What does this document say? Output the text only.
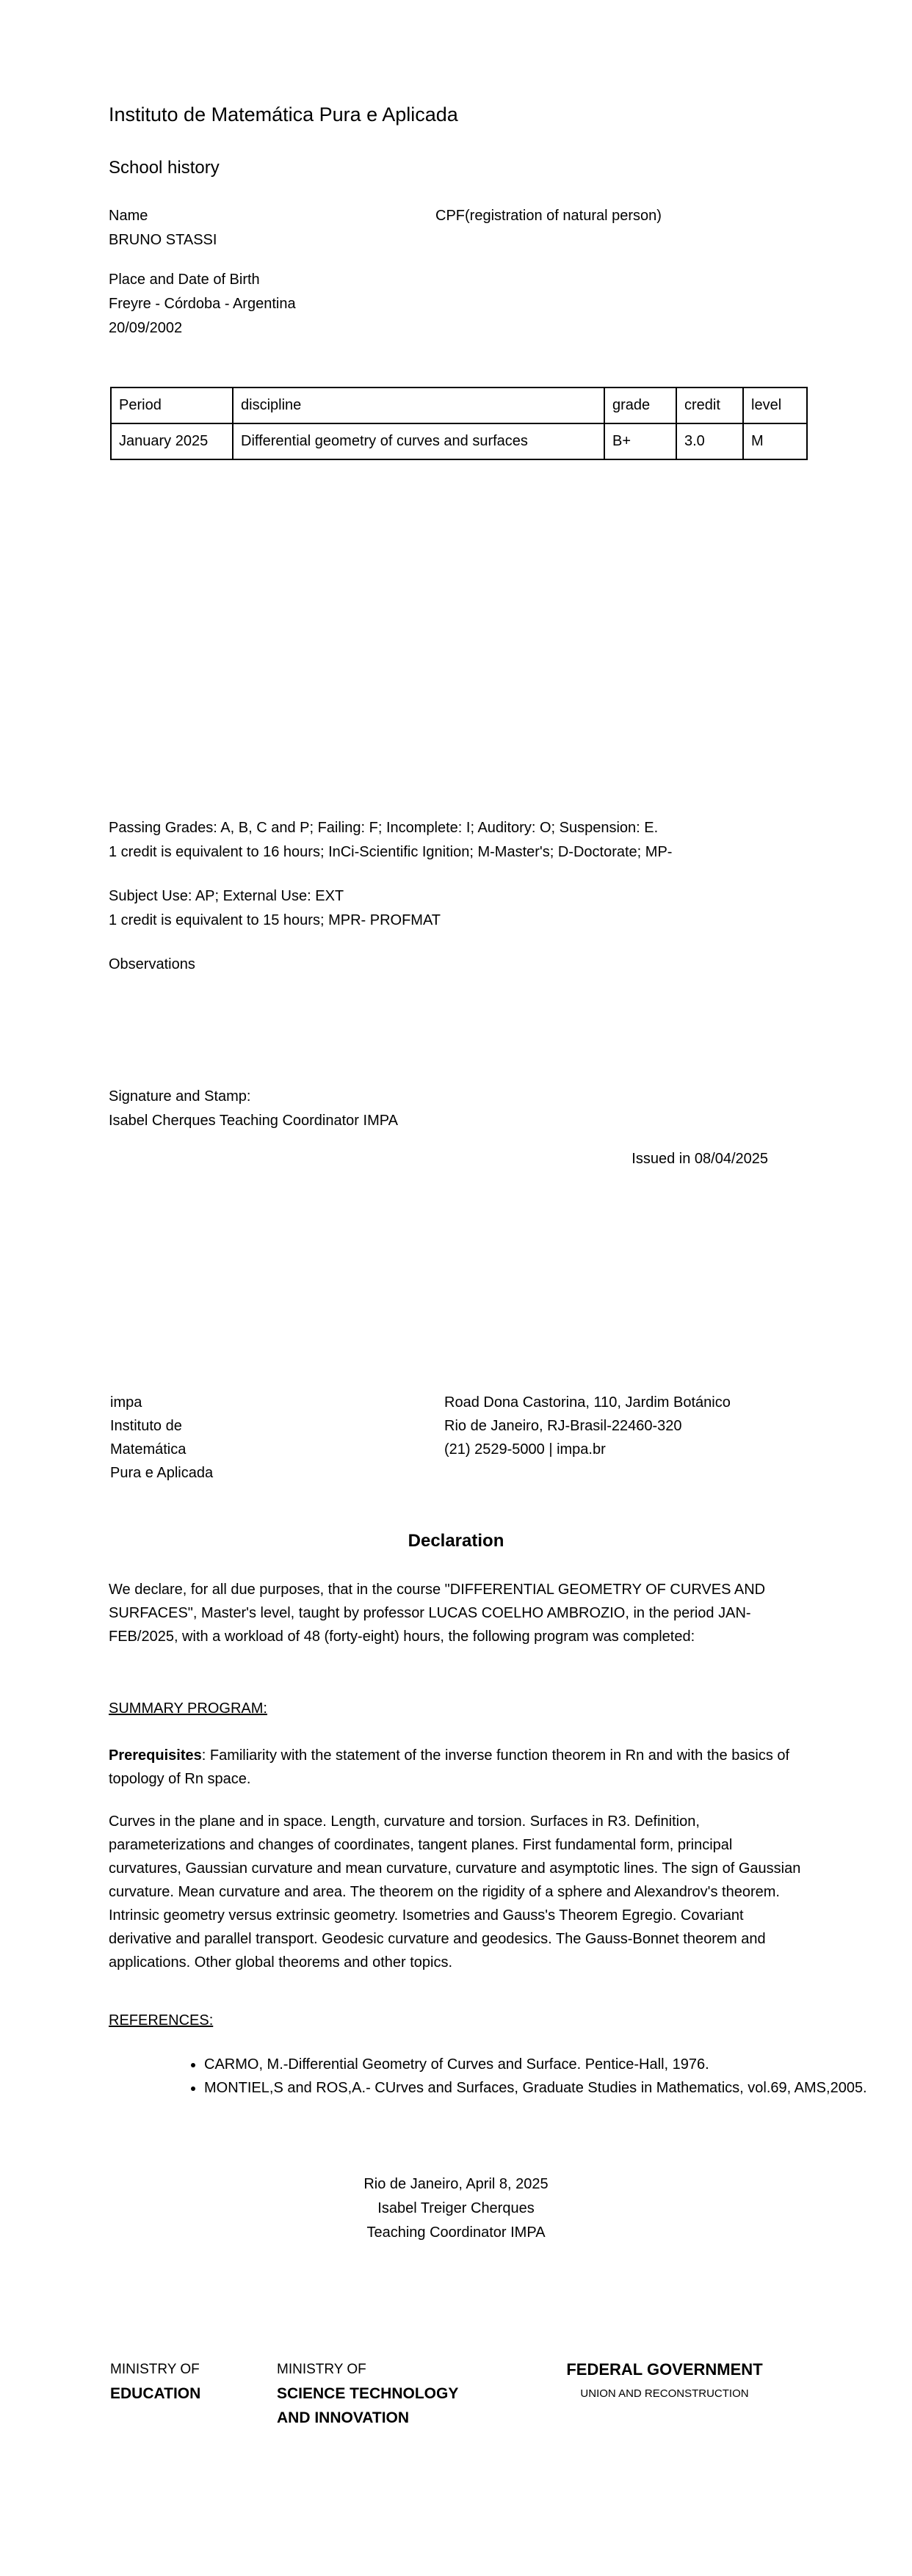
Instituto de Matemática Pura e Aplicada
School history
Name	CPF(registration of natural person)
BRUNO STASSI
Place and Date of Birth
Freyre - Córdoba - Argentina
20/09/2002
Period	discipline	grade	credit	level
January 2025	Differential geometry of curves and surfaces	B+	3.0	M
Passing Grades: A, B, C and P; Failing: F; Incomplete: I; Auditory: O; Suspension: E.
1 credit is equivalent to 16 hours; InCi-Scientific Ignition; M-Master's; D-Doctorate; MP-
Subject Use: AP; External Use: EXT
1 credit is equivalent to 15 hours; MPR- PROFMAT
Observations
Signature and Stamp:
Isabel Cherques Teaching Coordinator IMPA
Issued in 08/04/2025
impa
Instituto de
Matemática
Pura e Aplicada
Road Dona Castorina, 110, Jardim Botánico
Rio de Janeiro, RJ-Brasil-22460-320
(21) 2529-5000 | impa.br
Declaration
We declare, for all due purposes, that in the course "DIFFERENTIAL GEOMETRY OF CURVES AND SURFACES", Master's level, taught by professor LUCAS COELHO AMBROZIO, in the period JAN-FEB/2025, with a workload of 48 (forty-eight) hours, the following program was completed:
SUMMARY PROGRAM:
Prerequisites: Familiarity with the statement of the inverse function theorem in Rn and with the basics of topology of Rn space.
Curves in the plane and in space. Length, curvature and torsion. Surfaces in R3. Definition, parameterizations and changes of coordinates, tangent planes. First fundamental form, principal curvatures, Gaussian curvature and mean curvature, curvature and asymptotic lines. The sign of Gaussian curvature. Mean curvature and area. The theorem on the rigidity of a sphere and Alexandrov's theorem. Intrinsic geometry versus extrinsic geometry. Isometries and Gauss's Theorem Egregio. Covariant derivative and parallel transport. Geodesic curvature and geodesics. The Gauss-Bonnet theorem and applications. Other global theorems and other topics.
REFERENCES:
• CARMO, M.-Differential Geometry of Curves and Surface. Pentice-Hall, 1976.
• MONTIEL,S and ROS,A.- CUrves and Surfaces, Graduate Studies in Mathematics, vol.69, AMS,2005.
Rio de Janeiro, April 8, 2025
Isabel Treiger Cherques
Teaching Coordinator IMPA
MINISTRY OF
EDUCATION
MINISTRY OF
SCIENCE TECHNOLOGY
AND INNOVATION
FEDERAL GOVERNMENT
UNION AND RECONSTRUCTION
